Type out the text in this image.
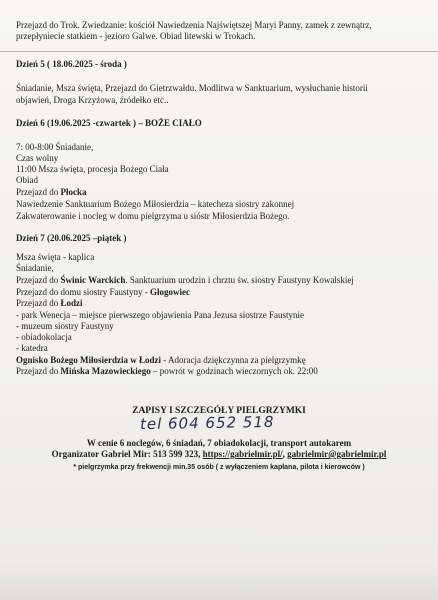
Przejazd do Trok. Zwiedzanie: kościół Nawiedzenia Najświętszej Maryi Panny, zamek z zewnątrz,
przepłyniecie statkiem - jezioro Galwe. Obiad litewski w Trokach.
Dzień 5 ( 18.06.2025 - środa )
Śniadanie, Msza święta, Przejazd do Gietrzwałdu. Modlitwa w Sanktuarium, wysłuchanie historii
objawień, Droga Krzyżowa, źródełko etc..
Dzień 6 (19.06.2025 -czwartek ) – BOŻE CIAŁO
7: 00-8:00 Śniadanie,
Czas wolny
11:00 Msza święta, procesja Bożego Ciała
Obiad
Przejazd do Płocka
Nawiedzenie Sanktuarium Bożego Miłosierdzia – katecheza siostry zakonnej
Zakwaterowanie i nocleg w domu pielgrzyma u sióstr Miłosierdzia Bożego.
Dzień 7 (20.06.2025 –piątek )
Msza święta - kaplica
Śniadanie,
Przejazd do Świnic Warckich. Sanktuarium urodzin i chrztu św. siostry Faustyny Kowalskiej
Przejazd do domu siostry Faustyny - Głogowiec
Przejazd do Łodzi
- park Wenecja – miejsce pierwszego objawienia Pana Jezusa siostrze Faustynie
- muzeum siostry Faustyny
- obiadokolacja
- katedra
Ognisko Bożego Miłosierdzia w Łodzi - Adoracja dziękczynna za pielgrzymkę
Przejazd do Mińska Mazowieckiego – powrót w godzinach wieczornych ok. 22:00
ZAPISY I SZCZEGÓŁY PIELGRZYMKI
tel 604 652 518
W cenie 6 noclegów, 6 śniadań, 7 obiadokolacji, transport autokarem
Organizator Gabriel Mir: 513 599 323, https://gabrielmir.pl/, gabrielmir@gabrielmir.pl
* pielgrzymka przy frekwencji min.35 osób ( z wyłączeniem kapłana, pilota i kierowców )
